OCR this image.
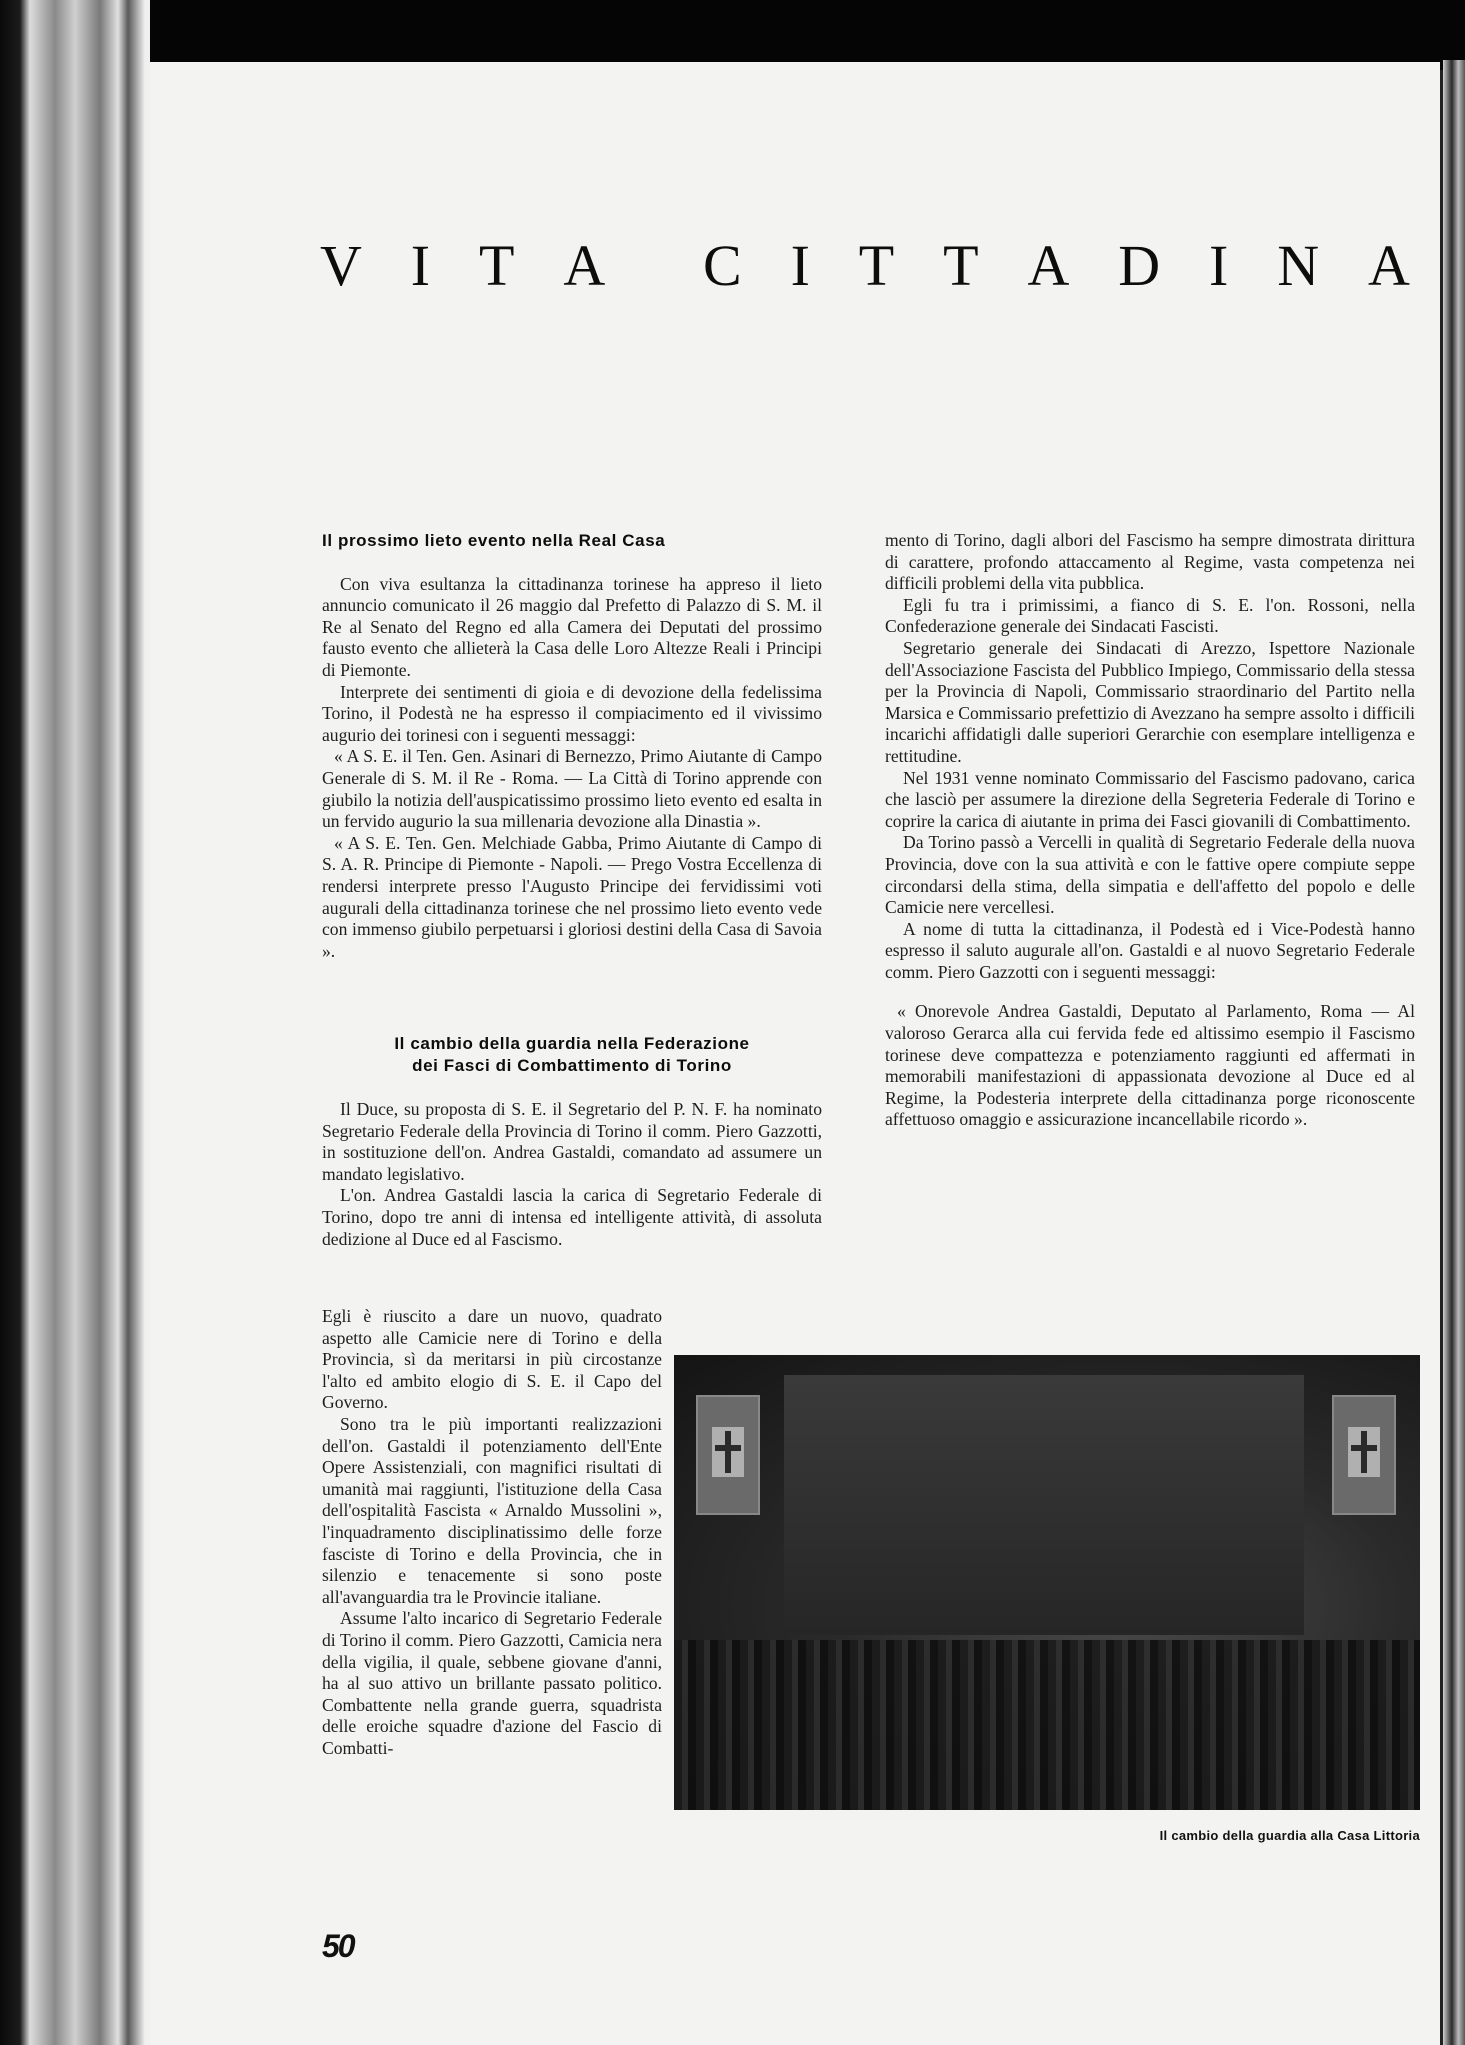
V I T A C I T T A D I N A
Il prossimo lieto evento nella Real Casa

Con viva esultanza la cittadinanza torinese ha appreso il lieto annuncio comunicato il 26 maggio dal Prefetto di Palazzo di S. M. il Re al Senato del Regno ed alla Camera dei Deputati del prossimo fausto evento che allieterà la Casa delle Loro Altezze Reali i Principi di Piemonte.

Interprete dei sentimenti di gioia e di devozione della fedelissima Torino, il Podestà ne ha espresso il compiacimento ed il vivissimo augurio dei torinesi con i seguenti messaggi:

« A S. E. il Ten. Gen. Asinari di Bernezzo, Primo Aiutante di Campo Generale di S. M. il Re - Roma. — La Città di Torino apprende con giubilo la notizia dell'auspicatissimo prossimo lieto evento ed esalta in un fervido augurio la sua millenaria devozione alla Dinastia ».

« A S. E. Ten. Gen. Melchiade Gabba, Primo Aiutante di Campo di S. A. R. Principe di Piemonte - Napoli. — Prego Vostra Eccellenza di rendersi interprete presso l'Augusto Principe dei fervidissimi voti augurali della cittadinanza torinese che nel prossimo lieto evento vede con immenso giubilo perpetuarsi i gloriosi destini della Casa di Savoia ».

Il cambio della guardia nella Federazione
dei Fasci di Combattimento di Torino

Il Duce, su proposta di S. E. il Segretario del P. N. F. ha nominato Segretario Federale della Provincia di Torino il comm. Piero Gazzotti, in sostituzione dell'on. Andrea Gastaldi, comandato ad assumere un mandato legislativo.

L'on. Andrea Gastaldi lascia la carica di Segretario Federale di Torino, dopo tre anni di intensa ed intelligente attività, di assoluta dedizione al Duce ed al Fascismo.

Egli è riuscito a dare un nuovo, quadrato aspetto alle Camicie nere di Torino e della Provincia, sì da meritarsi in più circostanze l'alto ed ambito elogio di S. E. il Capo del Governo.

Sono tra le più importanti realizzazioni dell'on. Gastaldi il potenziamento dell'Ente Opere Assistenziali, con magnifici risultati di umanità mai raggiunti, l'istituzione della Casa dell'ospitalità Fascista « Arnaldo Mussolini », l'inquadramento disciplinatissimo delle forze fasciste di Torino e della Provincia, che in silenzio e tenacemente si sono poste all'avanguardia tra le Provincie italiane.

Assume l'alto incarico di Segretario Federale di Torino il comm. Piero Gazzotti, Camicia nera della vigilia, il quale, sebbene giovane d'anni, ha al suo attivo un brillante passato politico. Combattente nella grande guerra, squadrista delle eroiche squadre d'azione del Fascio di Combatti-

mento di Torino, dagli albori del Fascismo ha sempre dimostrata dirittura di carattere, profondo attaccamento al Regime, vasta competenza nei difficili problemi della vita pubblica.

Egli fu tra i primissimi, a fianco di S. E. l'on. Rossoni, nella Confederazione generale dei Sindacati Fascisti.

Segretario generale dei Sindacati di Arezzo, Ispettore Nazionale dell'Associazione Fascista del Pubblico Impiego, Commissario della stessa per la Provincia di Napoli, Commissario straordinario del Partito nella Marsica e Commissario prefettizio di Avezzano ha sempre assolto i difficili incarichi affidatigli dalle superiori Gerarchie con esemplare intelligenza e rettitudine.

Nel 1931 venne nominato Commissario del Fascismo padovano, carica che lasciò per assumere la direzione della Segreteria Federale di Torino e coprire la carica di aiutante in prima dei Fasci giovanili di Combattimento.

Da Torino passò a Vercelli in qualità di Segretario Federale della nuova Provincia, dove con la sua attività e con le fattive opere compiute seppe circondarsi della stima, della simpatia e dell'affetto del popolo e delle Camicie nere vercellesi.

A nome di tutta la cittadinanza, il Podestà ed i Vice-Podestà hanno espresso il saluto augurale all'on. Gastaldi e al nuovo Segretario Federale comm. Piero Gazzotti con i seguenti messaggi:

« Onorevole Andrea Gastaldi, Deputato al Parlamento, Roma — Al valoroso Gerarca alla cui fervida fede ed altissimo esempio il Fascismo torinese deve compattezza e potenziamento raggiunti ed affermati in memorabili manifestazioni di appassionata devozione al Duce ed al Regime, la Podesteria interprete della cittadinanza porge riconoscente affettuoso omaggio e assicurazione incancellabile ricordo ».

Il cambio della guardia alla Casa Littoria
50
